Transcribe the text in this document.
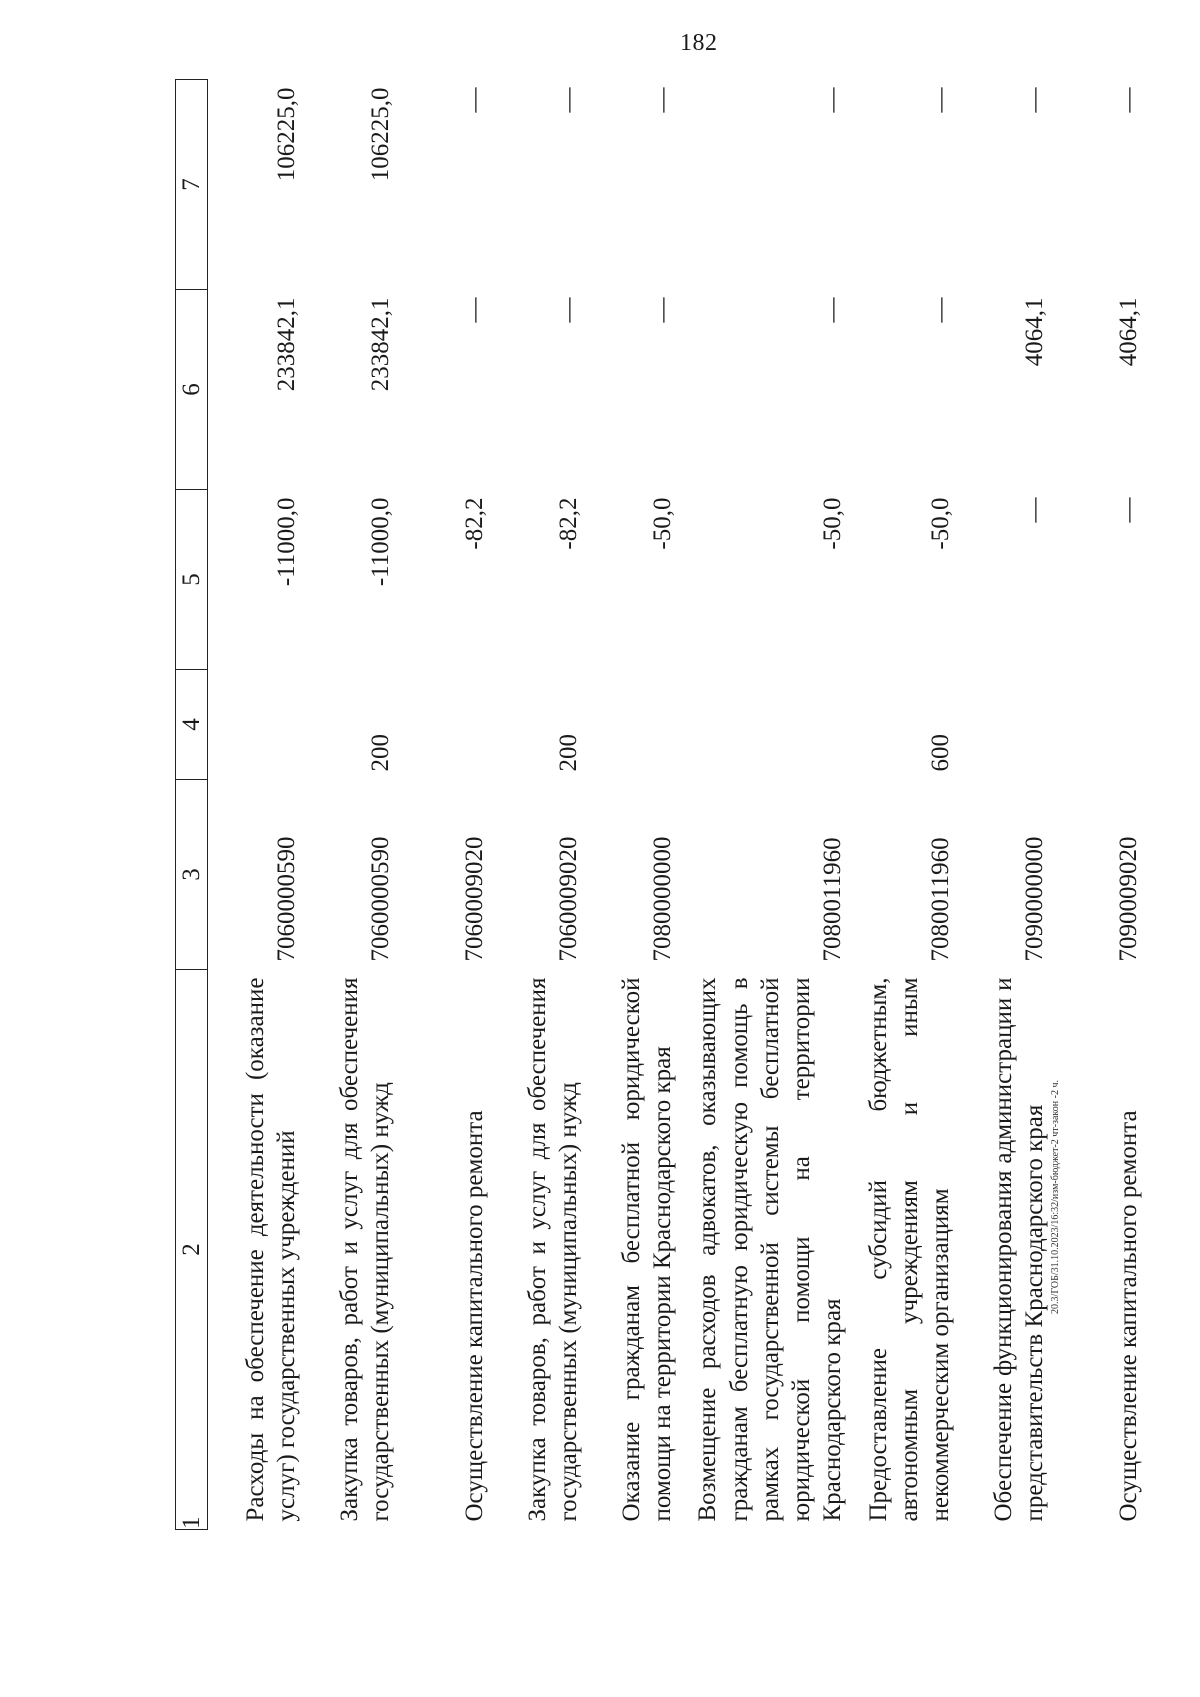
182
1	2	3	4	5	6	7
	Расходы на обеспечение деятельности (оказание услуг) государственных учреждений	7060000590		-11000,0	233842,1	106225,0
	Закупка товаров, работ и услуг для обеспечения государственных (муниципальных) нужд	7060000590	200	-11000,0	233842,1	106225,0
	Осуществление капитального ремонта	7060009020		-82,2	—	—
	Закупка товаров, работ и услуг для обеспечения государственных (муниципальных) нужд	7060009020	200	-82,2	—	—
	Оказание гражданам бесплатной юридической помощи на территории Краснодарского края	7080000000		-50,0	—	—
	Возмещение расходов адвокатов, оказывающих гражданам бесплатную юридическую помощь в рамках государственной системы бесплатной юридической помощи на территории Краснодарского края	7080011960		-50,0	—	—
	Предоставление субсидий бюджетным, автономным учреждениям и иным некоммерческим организациям	7080011960	600	-50,0	—	—
	Обеспечение функционирования администрации и представительств Краснодарского края	7090000000		—	4064,1	—
	Осуществление капитального ремонта	7090009020		—	4064,1	—
20.3/ГОБ/31.10.2023/16:32/изм-бюджет-2 чт-закон -2 ч.
